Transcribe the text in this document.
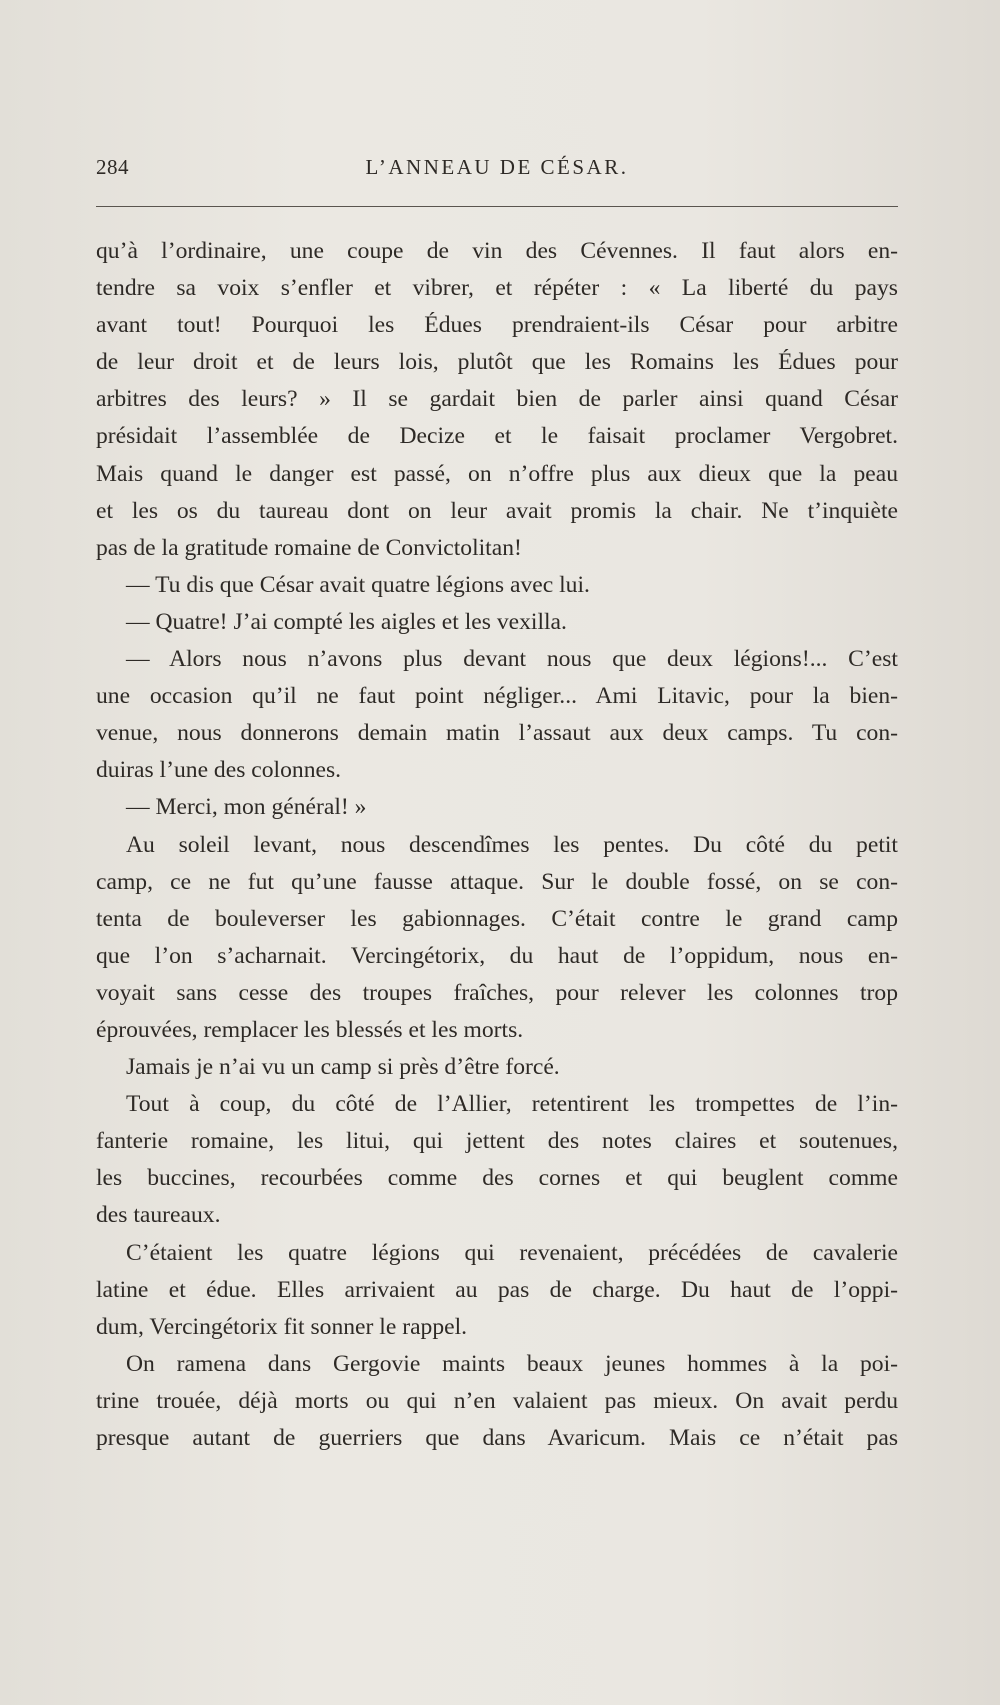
284	L’ANNEAU DE CÉSAR.
qu’à l’ordinaire, une coupe de vin des Cévennes. Il faut alors en-
tendre sa voix s’enfler et vibrer, et répéter : « La liberté du pays
avant tout! Pourquoi les Édues prendraient-ils César pour arbitre
de leur droit et de leurs lois, plutôt que les Romains les Édues pour
arbitres des leurs? » Il se gardait bien de parler ainsi quand César
présidait l’assemblée de Decize et le faisait proclamer Vergobret.
Mais quand le danger est passé, on n’offre plus aux dieux que la peau
et les os du taureau dont on leur avait promis la chair. Ne t’inquiète
pas de la gratitude romaine de Convictolitan!
— Tu dis que César avait quatre légions avec lui.
— Quatre! J’ai compté les aigles et les vexilla.
— Alors nous n’avons plus devant nous que deux légions!... C’est
une occasion qu’il ne faut point négliger... Ami Litavic, pour la bien-
venue, nous donnerons demain matin l’assaut aux deux camps. Tu con-
duiras l’une des colonnes.
— Merci, mon général! »
Au soleil levant, nous descendîmes les pentes. Du côté du petit
camp, ce ne fut qu’une fausse attaque. Sur le double fossé, on se con-
tenta de bouleverser les gabionnages. C’était contre le grand camp
que l’on s’acharnait. Vercingétorix, du haut de l’oppidum, nous en-
voyait sans cesse des troupes fraîches, pour relever les colonnes trop
éprouvées, remplacer les blessés et les morts.
Jamais je n’ai vu un camp si près d’être forcé.
Tout à coup, du côté de l’Allier, retentirent les trompettes de l’in-
fanterie romaine, les litui, qui jettent des notes claires et soutenues,
les buccines, recourbées comme des cornes et qui beuglent comme
des taureaux.
C’étaient les quatre légions qui revenaient, précédées de cavalerie
latine et édue. Elles arrivaient au pas de charge. Du haut de l’oppi-
dum, Vercingétorix fit sonner le rappel.
On ramena dans Gergovie maints beaux jeunes hommes à la poi-
trine trouée, déjà morts ou qui n’en valaient pas mieux. On avait perdu
presque autant de guerriers que dans Avaricum. Mais ce n’était pas
